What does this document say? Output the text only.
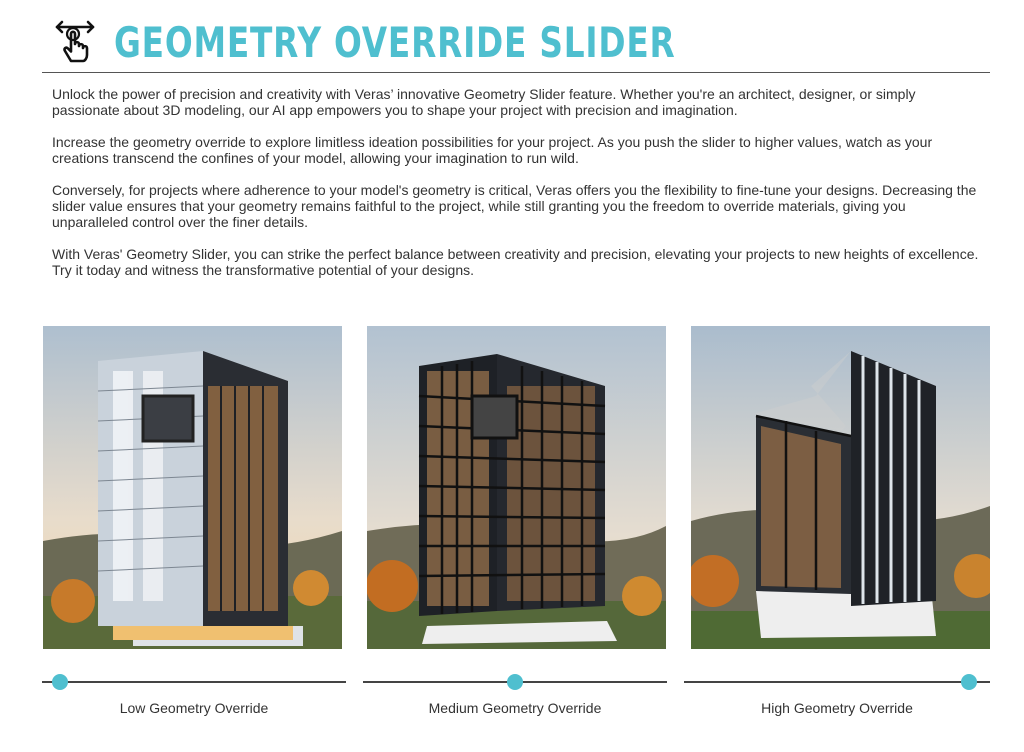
GEOMETRY OVERRIDE SLIDER

Unlock the power of precision and creativity with Veras’ innovative Geometry Slider feature. Whether you're an architect, designer, or simply passionate about 3D modeling, our AI app empowers you to shape your project with precision and imagination.

Increase the geometry override to explore limitless ideation possibilities for your project. As you push the slider to higher values, watch as your creations transcend the confines of your model, allowing your imagination to run wild.

Conversely, for projects where adherence to your model's geometry is critical, Veras offers you the flexibility to fine-tune your designs. Decreasing the slider value ensures that your geometry remains faithful to the project, while still granting you the freedom to override materials, giving you unparalleled control over the finer details.

With Veras' Geometry Slider, you can strike the perfect balance between creativity and precision, elevating your projects to new heights of excellence. Try it today and witness the transformative potential of your designs.

Low Geometry Override	Medium Geometry Override	High Geometry Override
